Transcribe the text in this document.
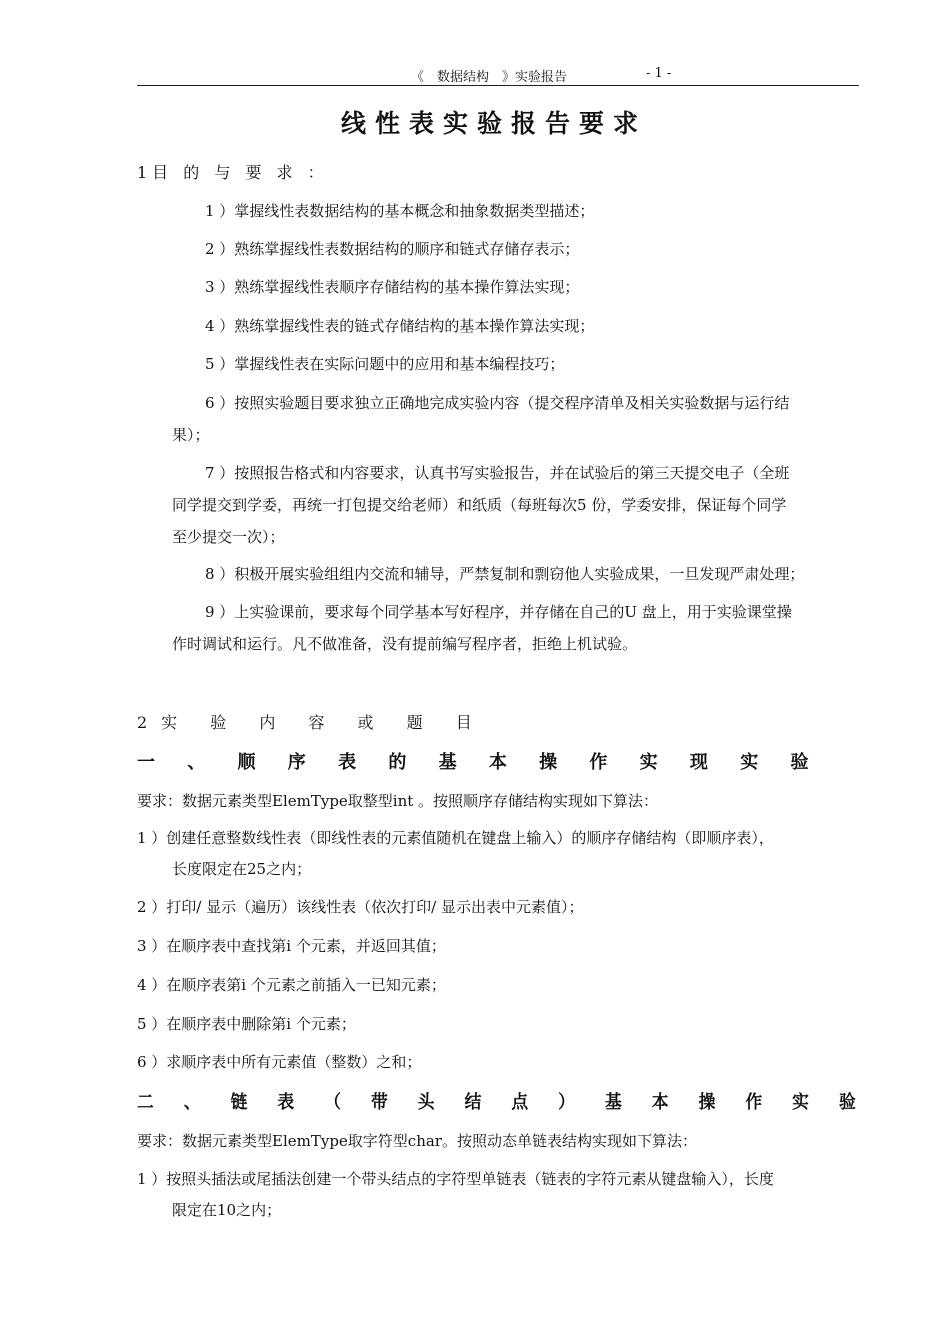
《　数据结构　》实验报告	- 1 -
线性表实验报告要求
1目 的 与 要 求 ：
1 ）掌握线性表数据结构的基本概念和抽象数据类型描述；
2 ）熟练掌握线性表数据结构的顺序和链式存储存表示；
3 ）熟练掌握线性表顺序存储结构的基本操作算法实现；
4 ）熟练掌握线性表的链式存储结构的基本操作算法实现；
5 ）掌握线性表在实际问题中的应用和基本编程技巧；
6 ）按照实验题目要求独立正确地完成实验内容（提交程序清单及相关实验数据与运行结
果）；
7 ）按照报告格式和内容要求，认真书写实验报告，并在试验后的第三天提交电子（全班
同学提交到学委，再统一打包提交给老师）和纸质（每班每次5 份，学委安排，保证每个同学
至少提交一次）；
8 ）积极开展实验组组内交流和辅导，严禁复制和剽窃他人实验成果，一旦发现严肃处理；
9 ）上实验课前，要求每个同学基本写好程序，并存储在自己的U 盘上，用于实验课堂操
作时调试和运行。凡不做准备，没有提前编写程序者，拒绝上机试验。
2实 验 内 容 或 题 目
一 、 顺 序 表 的 基 本 操 作 实 现 实 验
要求：数据元素类型ElemType取整型int 。按照顺序存储结构实现如下算法：
1 ）创建任意整数线性表（即线性表的元素值随机在键盘上输入）的顺序存储结构（即顺序表），
长度限定在25之内；
2 ）打印/ 显示（遍历）该线性表（依次打印/ 显示出表中元素值）；
3 ）在顺序表中查找第i 个元素，并返回其值；
4 ）在顺序表第i 个元素之前插入一已知元素；
5 ）在顺序表中删除第i 个元素；
6 ）求顺序表中所有元素值（整数）之和；
二 、 链 表 （ 带 头 结 点 ） 基 本 操 作 实 验
要求：数据元素类型ElemType取字符型char。按照动态单链表结构实现如下算法：
1 ）按照头插法或尾插法创建一个带头结点的字符型单链表（链表的字符元素从键盘输入），长度
限定在10之内；
